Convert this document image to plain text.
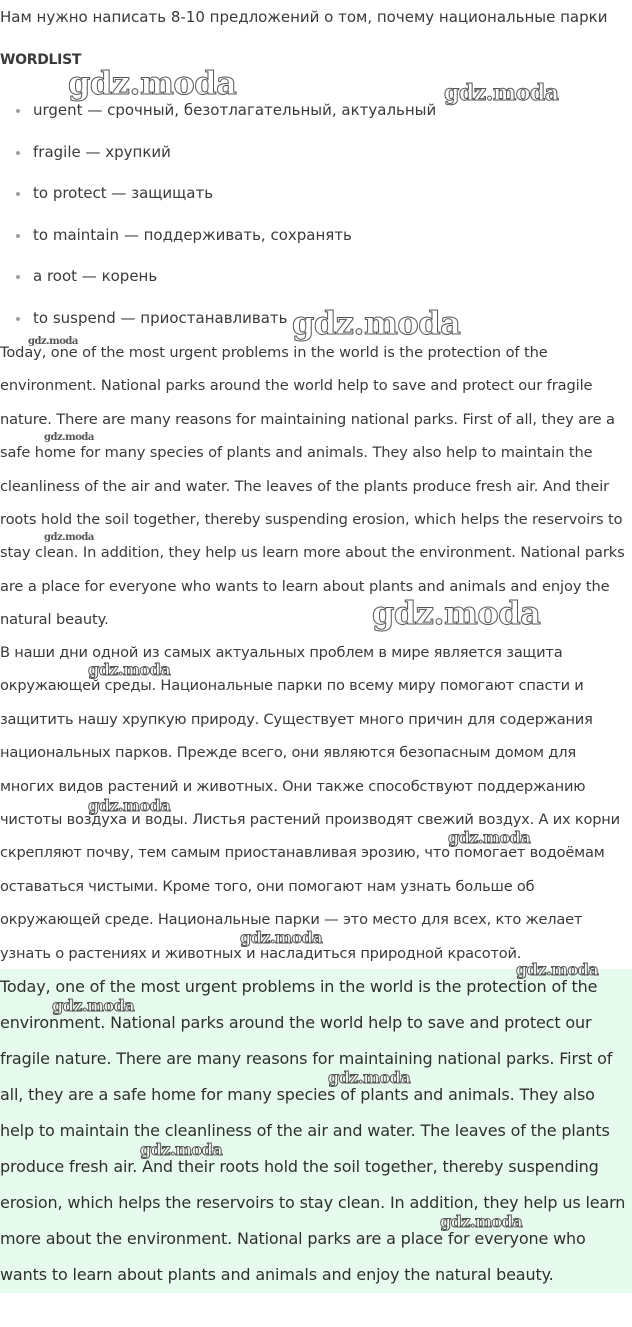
Нам нужно написать 8-10 предложений о том, почему национальные парки
WORDLIST
urgent — срочный, безотлагательный, актуальный
fragile — хрупкий
to protect — защищать
to maintain — поддерживать, сохранять
a root — корень
to suspend — приостанавливать

Today, one of the most urgent problems in the world is the protection of the environment. National parks around the world help to save and protect our fragile nature. There are many reasons for maintaining national parks. First of all, they are a safe home for many species of plants and animals. They also help to maintain the cleanliness of the air and water. The leaves of the plants produce fresh air. And their roots hold the soil together, thereby suspending erosion, which helps the reservoirs to stay clean. In addition, they help us learn more about the environment. National parks are a place for everyone who wants to learn about plants and animals and enjoy the natural beauty.

В наши дни одной из самых актуальных проблем в мире является защита окружающей среды. Национальные парки по всему миру помогают спасти и защитить нашу хрупкую природу. Существует много причин для содержания национальных парков. Прежде всего, они являются безопасным домом для многих видов растений и животных. Они также способствуют поддержанию чистоты воздуха и воды. Листья растений производят свежий воздух. А их корни скрепляют почву, тем самым приостанавливая эрозию, что помогает водоёмам оставаться чистыми. Кроме того, они помогают нам узнать больше об окружающей среде. Национальные парки — это место для всех, кто желает узнать о растениях и животных и насладиться природной красотой.

Today, one of the most urgent problems in the world is the protection of the environment. National parks around the world help to save and protect our fragile nature. There are many reasons for maintaining national parks. First of all, they are a safe home for many species of plants and animals. They also help to maintain the cleanliness of the air and water. The leaves of the plants produce fresh air. And their roots hold the soil together, thereby suspending erosion, which helps the reservoirs to stay clean. In addition, they help us learn more about the environment. National parks are a place for everyone who wants to learn about plants and animals and enjoy the natural beauty.

gdz.moda	gdz.moda
gdz.moda
gdz.moda
gdz.moda
gdz.moda
gdz.moda
gdz.moda
gdz.moda
gdz.moda
gdz.moda
gdz.moda
gdz.moda
gdz.moda
gdz.moda
gdz.moda
